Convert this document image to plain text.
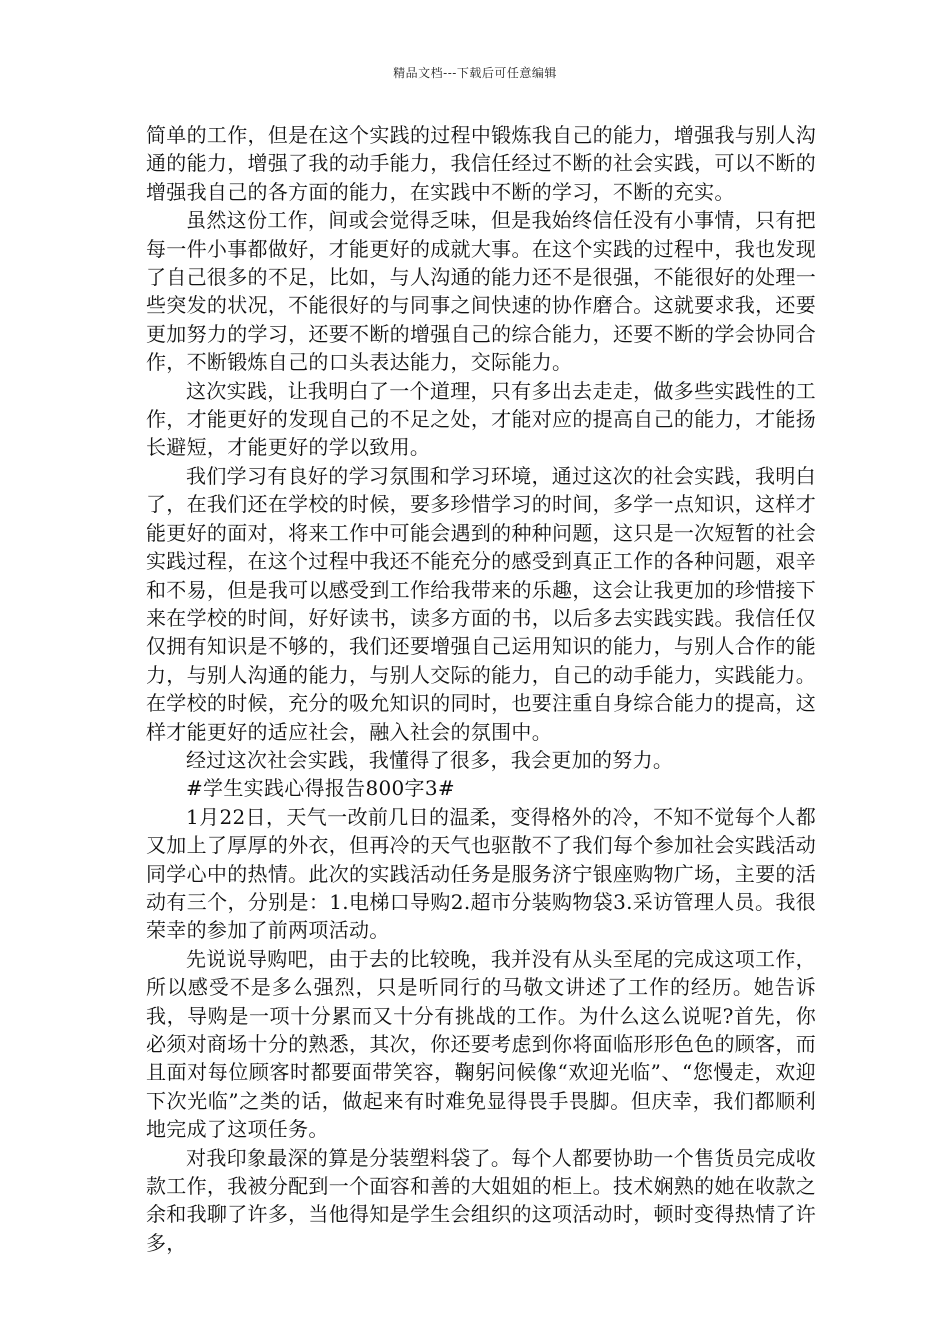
精品文档---下载后可任意编辑

简单的工作，但是在这个实践的过程中锻炼我自己的能力，增强我与别人沟通的能力，增强了我的动手能力，我信任经过不断的社会实践，可以不断的增强我自己的各方面的能力，在实践中不断的学习，不断的充实。

虽然这份工作，间或会觉得乏味，但是我始终信任没有小事情，只有把每一件小事都做好，才能更好的成就大事。在这个实践的过程中，我也发现了自己很多的不足，比如，与人沟通的能力还不是很强，不能很好的处理一些突发的状况，不能很好的与同事之间快速的协作磨合。这就要求我，还要更加努力的学习，还要不断的增强自己的综合能力，还要不断的学会协同合作，不断锻炼自己的口头表达能力，交际能力。

这次实践，让我明白了一个道理，只有多出去走走，做多些实践性的工作，才能更好的发现自己的不足之处，才能对应的提高自己的能力，才能扬长避短，才能更好的学以致用。

我们学习有良好的学习氛围和学习环境，通过这次的社会实践，我明白了，在我们还在学校的时候，要多珍惜学习的时间，多学一点知识，这样才能更好的面对，将来工作中可能会遇到的种种问题，这只是一次短暂的社会实践过程，在这个过程中我还不能充分的感受到真正工作的各种问题，艰辛和不易，但是我可以感受到工作给我带来的乐趣，这会让我更加的珍惜接下来在学校的时间，好好读书，读多方面的书，以后多去实践实践。我信任仅仅拥有知识是不够的，我们还要增强自己运用知识的能力，与别人合作的能力，与别人沟通的能力，与别人交际的能力，自己的动手能力，实践能力。在学校的时候，充分的吸允知识的同时，也要注重自身综合能力的提高，这样才能更好的适应社会，融入社会的氛围中。

经过这次社会实践，我懂得了很多，我会更加的努力。

#学生实践心得报告800字3#

1月22日，天气一改前几日的温柔，变得格外的冷，不知不觉每个人都又加上了厚厚的外衣，但再冷的天气也驱散不了我们每个参加社会实践活动同学心中的热情。此次的实践活动任务是服务济宁银座购物广场，主要的活动有三个，分别是：1.电梯口导购2.超市分装购物袋3.采访管理人员。我很荣幸的参加了前两项活动。

先说说导购吧，由于去的比较晚，我并没有从头至尾的完成这项工作，所以感受不是多么强烈，只是听同行的马敬文讲述了工作的经历。她告诉我，导购是一项十分累而又十分有挑战的工作。为什么这么说呢?首先，你必须对商场十分的熟悉，其次，你还要考虑到你将面临形形色色的顾客，而且面对每位顾客时都要面带笑容，鞠躬问候像“欢迎光临”、“您慢走，欢迎下次光临”之类的话，做起来有时难免显得畏手畏脚。但庆幸，我们都顺利地完成了这项任务。

对我印象最深的算是分装塑料袋了。每个人都要协助一个售货员完成收款工作，我被分配到一个面容和善的大姐姐的柜上。技术娴熟的她在收款之余和我聊了许多，当他得知是学生会组织的这项活动时，顿时变得热情了许多，
